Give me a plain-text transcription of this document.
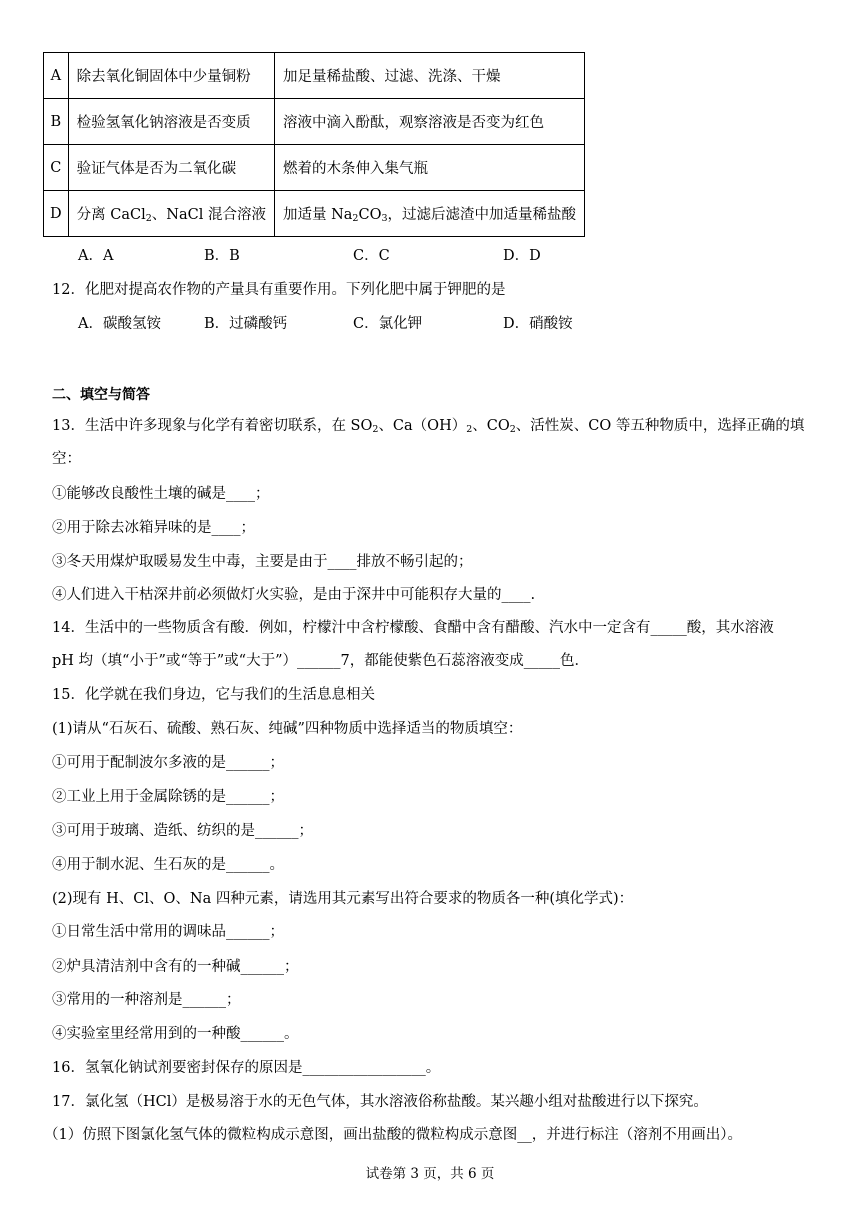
A	除去氧化铜固体中少量铜粉	加足量稀盐酸、过滤、洗涤、干燥
B	检验氢氧化钠溶液是否变质	溶液中滴入酚酞，观察溶液是否变为红色
C	验证气体是否为二氧化碳	燃着的木条伸入集气瓶
D	分离 CaCl$_2$、NaCl 混合溶液	加适量 $Na_2CO_3$，过滤后滤渣中加适量稀盐酸
A．A	B．B	C．C	D．D
12．化肥对提高农作物的产量具有重要作用。下列化肥中属于钾肥的是
A．碳酸氢铵	B．过磷酸钙	C．氯化钾	D．硝酸铵
二、填空与简答
13．生活中许多现象与化学有着密切联系，在 $SO_2$、$Ca(OH)_2$、$CO_2$、活性炭、CO 等五种物质中，选择正确的填
空：
①能够改良酸性土壤的碱是____；
②用于除去冰箱异味的是____；
③冬天用煤炉取暖易发生中毒，主要是由于____排放不畅引起的；
④人们进入干枯深井前必须做灯火实验，是由于深井中可能积存大量的____.
14．生活中的一些物质含有酸．例如，柠檬汁中含柠檬酸、食醋中含有醋酸、汽水中一定含有_____酸，其水溶液
pH 均（填“小于”或“等于”或“大于”）______7，都能使紫色石蕊溶液变成_____色．
15．化学就在我们身边，它与我们的生活息息相关
(1)请从“石灰石、硫酸、熟石灰、纯碱”四种物质中选择适当的物质填空：
①可用于配制波尔多液的是______；
②工业上用于金属除锈的是______；
③可用于玻璃、造纸、纺织的是______；
④用于制水泥、生石灰的是______。
(2)现有 H、Cl、O、Na 四种元素，请选用其元素写出符合要求的物质各一种(填化学式)：
①日常生活中常用的调味品______；
②炉具清洁剂中含有的一种碱______；
③常用的一种溶剂是______；
④实验室里经常用到的一种酸______。
16．氢氧化钠试剂要密封保存的原因是_________________。
17．氯化氢（HCl）是极易溶于水的无色气体，其水溶液俗称盐酸。某兴趣小组对盐酸进行以下探究。
（1）仿照下图氯化氢气体的微粒构成示意图，画出盐酸的微粒构成示意图__，并进行标注（溶剂不用画出）。
试卷第 3 页，共 6 页
